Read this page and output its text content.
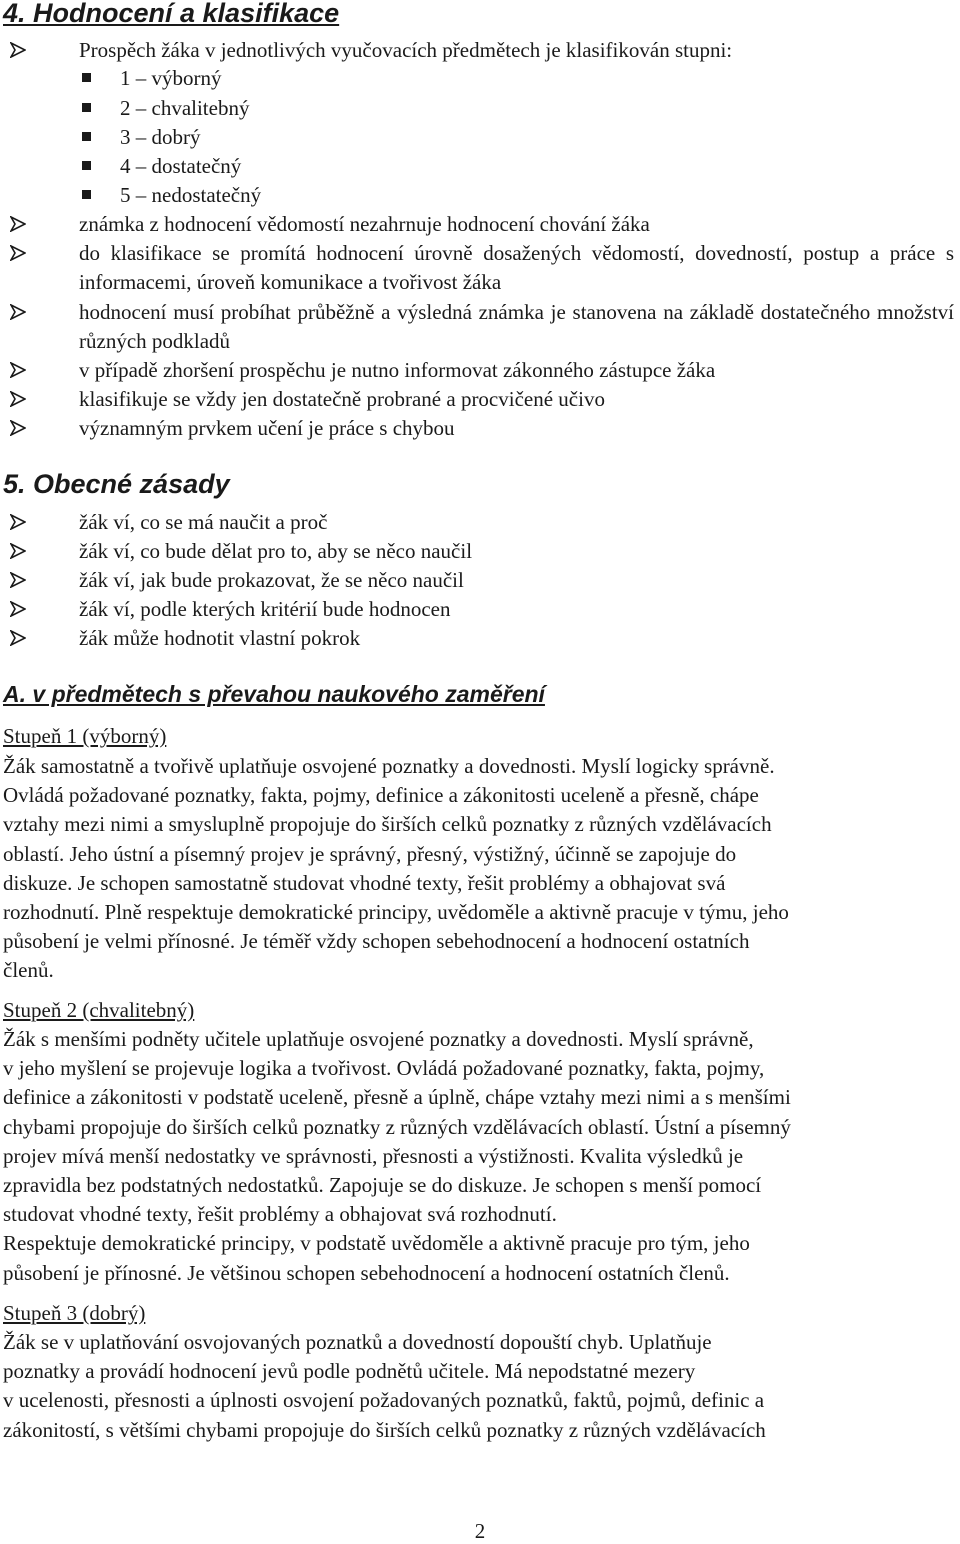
4. Hodnocení a klasifikace
Prospěch žáka v jednotlivých vyučovacích předmětech je klasifikován stupni:
1 – výborný
2 – chvalitebný
3 – dobrý
4 – dostatečný
5 – nedostatečný
známka z hodnocení vědomostí nezahrnuje hodnocení chování žáka
do klasifikace se promítá hodnocení úrovně dosažených vědomostí, dovedností, postup a práce s informacemi, úroveň komunikace a tvořivost žáka
hodnocení musí probíhat průběžně a výsledná známka je stanovena na základě dostatečného množství různých podkladů
v případě zhoršení prospěchu je nutno informovat zákonného zástupce žáka
klasifikuje se vždy jen dostatečně probrané a procvičené učivo
významným prvkem učení je práce s chybou
5. Obecné zásady
žák ví, co se má naučit a proč
žák ví, co bude dělat pro to, aby se něco naučil
žák ví, jak bude prokazovat, že se něco naučil
žák ví, podle kterých kritérií bude hodnocen
žák může hodnotit vlastní pokrok
A. v předmětech s převahou naukového zaměření
Stupeň 1 (výborný)
Žák samostatně a tvořivě uplatňuje osvojené poznatky a dovednosti. Myslí logicky správně.
Ovládá požadované poznatky, fakta, pojmy, definice a zákonitosti uceleně a přesně, chápe
vztahy mezi nimi a smysluplně propojuje do širších celků poznatky z různých vzdělávacích
oblastí. Jeho ústní a písemný projev je správný, přesný, výstižný, účinně se zapojuje do
diskuze. Je schopen samostatně studovat vhodné texty, řešit problémy a obhajovat svá
rozhodnutí. Plně respektuje demokratické principy, uvědoměle a aktivně pracuje v týmu, jeho
působení je velmi přínosné. Je téměř vždy schopen sebehodnocení a hodnocení ostatních
členů.
Stupeň 2 (chvalitebný)
Žák s menšími podněty učitele uplatňuje osvojené poznatky a dovednosti. Myslí správně,
v jeho myšlení se projevuje logika a tvořivost. Ovládá požadované poznatky, fakta, pojmy,
definice a zákonitosti v podstatě uceleně, přesně a úplně, chápe vztahy mezi nimi a s menšími
chybami propojuje do širších celků poznatky z různých vzdělávacích oblastí. Ústní a písemný
projev mívá menší nedostatky ve správnosti, přesnosti a výstižnosti. Kvalita výsledků je
zpravidla bez podstatných nedostatků. Zapojuje se do diskuze. Je schopen s menší pomocí
studovat vhodné texty, řešit problémy a obhajovat svá rozhodnutí.
Respektuje demokratické principy, v podstatě uvědoměle a aktivně pracuje pro tým, jeho
působení je přínosné. Je většinou schopen sebehodnocení a hodnocení ostatních členů.
Stupeň 3 (dobrý)
Žák se v uplatňování osvojovaných poznatků a dovedností dopouští chyb. Uplatňuje
poznatky a provádí hodnocení jevů podle podnětů učitele. Má nepodstatné mezery
v ucelenosti, přesnosti a úplnosti osvojení požadovaných poznatků, faktů, pojmů, definic a
zákonitostí, s většími chybami propojuje do širších celků poznatky z různých vzdělávacích
2
